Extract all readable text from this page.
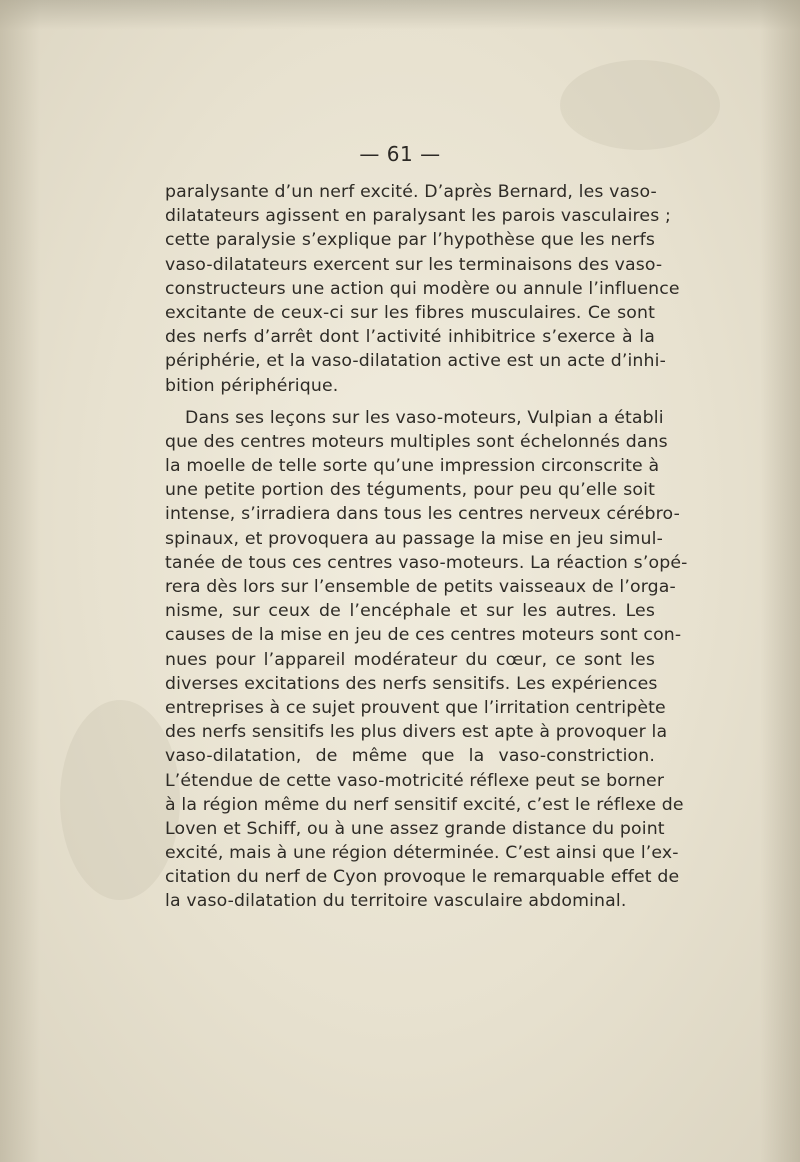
— 61 —
paralysante d’un nerf excité. D’après Bernard, les vaso-
dilatateurs agissent en paralysant les parois vasculaires ;
cette paralysie s’explique par l’hypothèse que les nerfs
vaso-dilatateurs exercent sur les terminaisons des vaso-
constructeurs une action qui modère ou annule l’influence
excitante de ceux-ci sur les fibres musculaires. Ce sont
des nerfs d’arrêt dont l’activité inhibitrice s’exerce à la
périphérie, et la vaso-dilatation active est un acte d’inhi-
bition périphérique.
Dans ses leçons sur les vaso-moteurs, Vulpian a établi
que des centres moteurs multiples sont échelonnés dans
la moelle de telle sorte qu’une impression circonscrite à
une petite portion des téguments, pour peu qu’elle soit
intense, s’irradiera dans tous les centres nerveux cérébro-
spinaux, et provoquera au passage la mise en jeu simul-
tanée de tous ces centres vaso-moteurs. La réaction s’opé-
rera dès lors sur l’ensemble de petits vaisseaux de l’orga-
nisme, sur ceux de l’encéphale et sur les autres. Les
causes de la mise en jeu de ces centres moteurs sont con-
nues pour l’appareil modérateur du cœur, ce sont les
diverses excitations des nerfs sensitifs. Les expériences
entreprises à ce sujet prouvent que l’irritation centripète
des nerfs sensitifs les plus divers est apte à provoquer la
vaso-dilatation, de même que la vaso-constriction.
L’étendue de cette vaso-motricité réflexe peut se borner
à la région même du nerf sensitif excité, c’est le réflexe de
Loven et Schiff, ou à une assez grande distance du point
excité, mais à une région déterminée. C’est ainsi que l’ex-
citation du nerf de Cyon provoque le remarquable effet de
la vaso-dilatation du territoire vasculaire abdominal.
